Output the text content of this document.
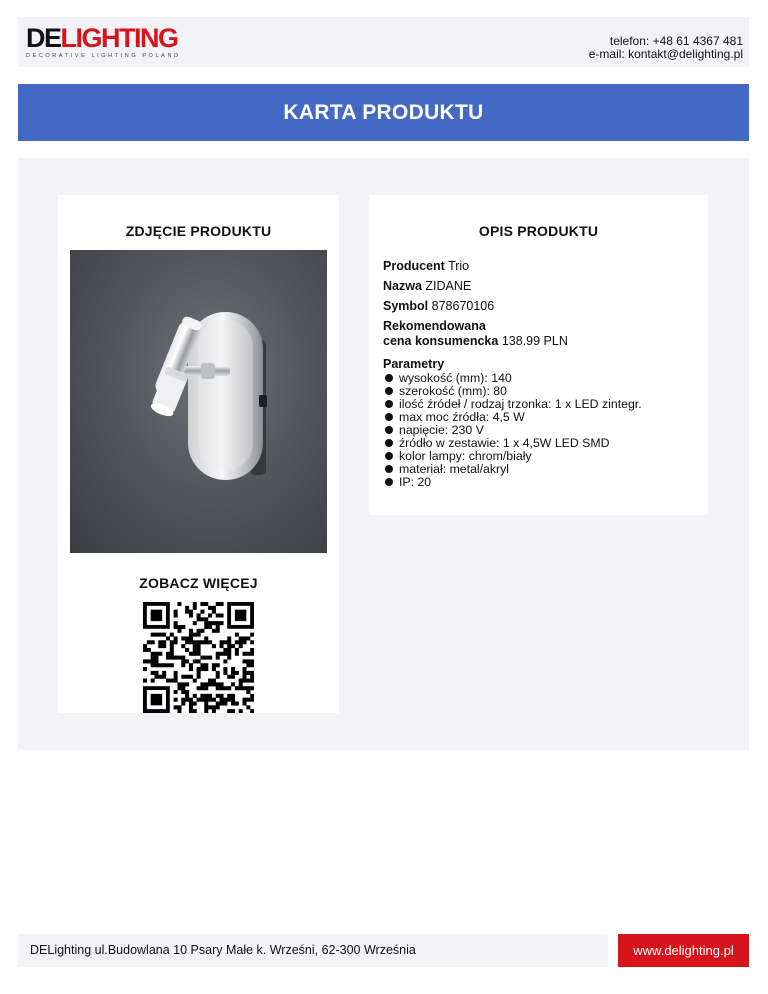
DELIGHTING
DECORATIVE LIGHTING POLAND
telefon: +48 61 4367 481
e-mail: kontakt@delighting.pl
KARTA PRODUKTU
ZDJĘCIE PRODUKTU
ZOBACZ WIĘCEJ
OPIS PRODUKTU
Producent Trio
Nazwa ZIDANE
Symbol 878670106
Rekomendowana
cena konsumencka 138.99 PLN
Parametry
wysokość (mm): 140
szerokość (mm): 80
ilość źródeł / rodzaj trzonka: 1 x LED zintegr.
max moc źródła: 4,5 W
napięcie: 230 V
źródło w zestawie: 1 x 4,5W LED SMD
kolor lampy: chrom/biały
materiał: metal/akryl
IP: 20
DELighting ul.Budowlana 10 Psary Małe k. Wrześni, 62-300 Września	www.delighting.pl
